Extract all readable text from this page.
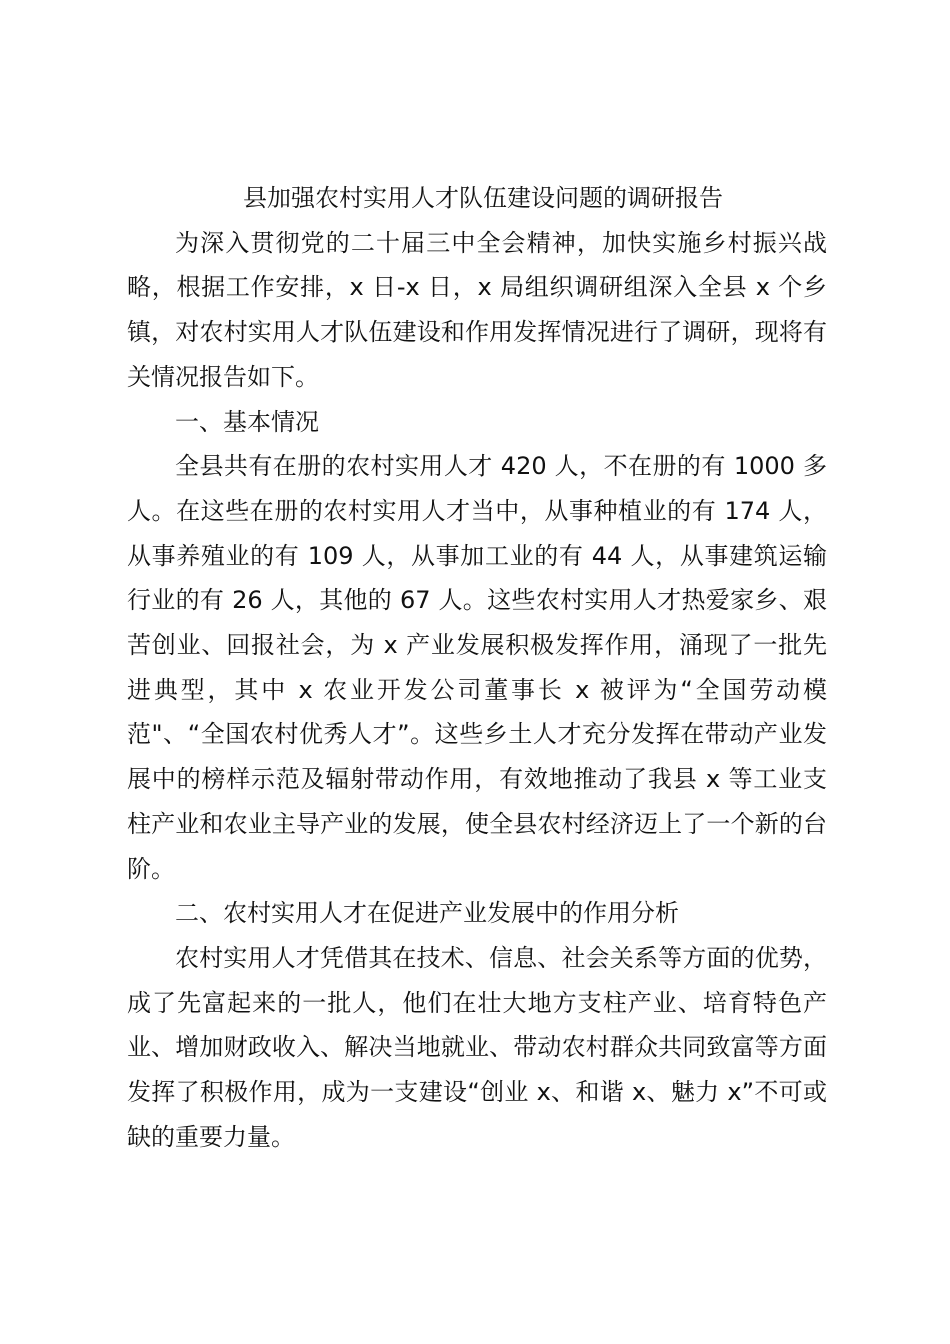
县加强农村实用人才队伍建设问题的调研报告

为深入贯彻党的二十届三中全会精神，加快实施乡村振兴战略，根据工作安排，x 日-x 日，x 局组织调研组深入全县 x 个乡镇，对农村实用人才队伍建设和作用发挥情况进行了调研，现将有关情况报告如下。

一、基本情况

全县共有在册的农村实用人才 420 人，不在册的有 1000 多人。在这些在册的农村实用人才当中，从事种植业的有 174 人，从事养殖业的有 109 人，从事加工业的有 44 人，从事建筑运输行业的有 26 人，其他的 67 人。这些农村实用人才热爱家乡、艰苦创业、回报社会，为 x 产业发展积极发挥作用，涌现了一批先进典型，其中 x 农业开发公司董事长 x 被评为“全国劳动模范"、“全国农村优秀人才”。这些乡土人才充分发挥在带动产业发展中的榜样示范及辐射带动作用，有效地推动了我县 x 等工业支柱产业和农业主导产业的发展，使全县农村经济迈上了一个新的台阶。

二、农村实用人才在促进产业发展中的作用分析

农村实用人才凭借其在技术、信息、社会关系等方面的优势，成了先富起来的一批人，他们在壮大地方支柱产业、培育特色产业、增加财政收入、解决当地就业、带动农村群众共同致富等方面发挥了积极作用，成为一支建设“创业 x、和谐 x、魅力 x”不可或缺的重要力量。
